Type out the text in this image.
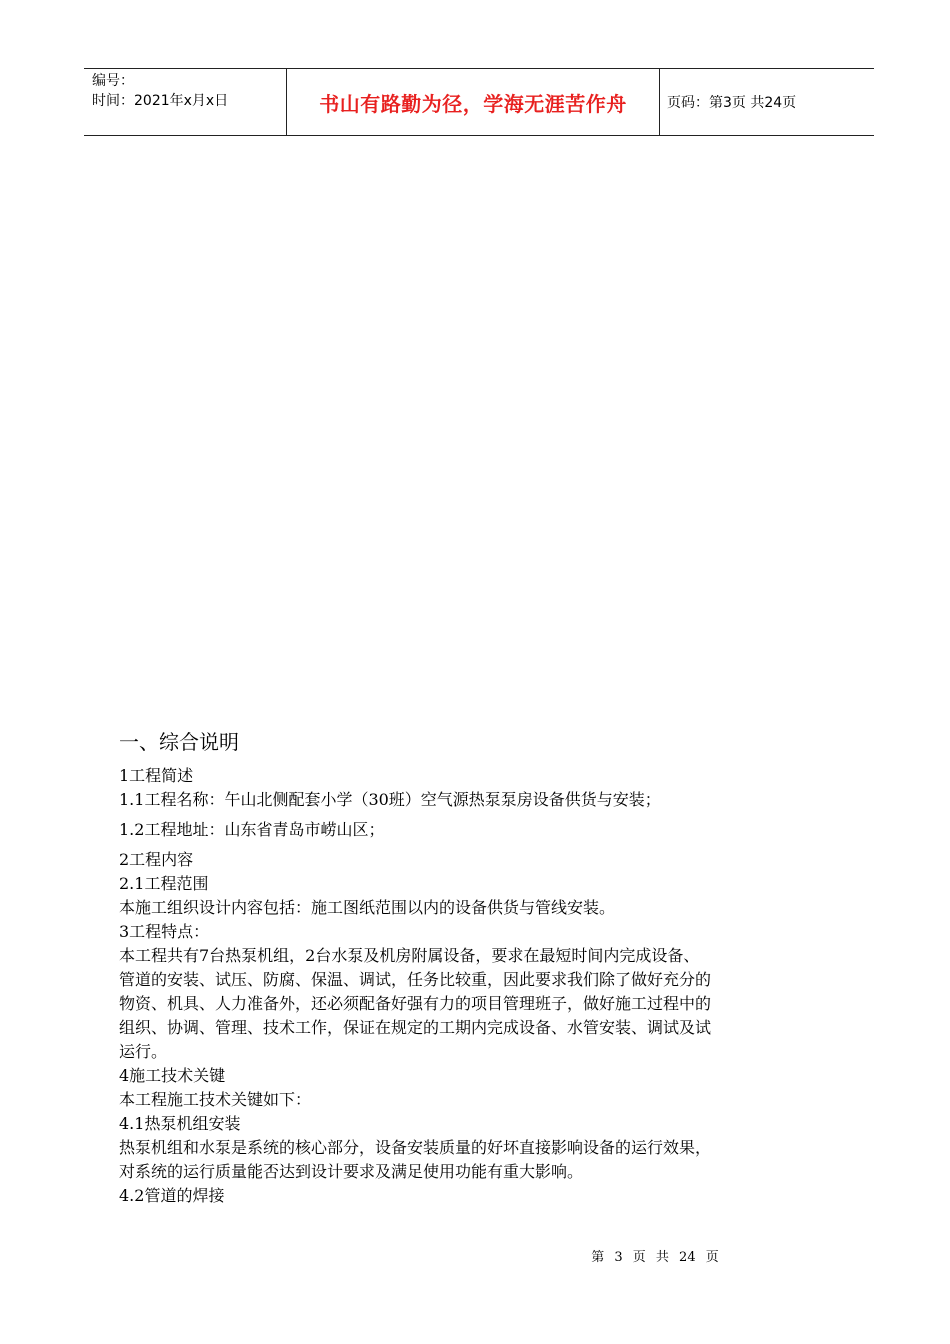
编号：
时间：2021年x月x日	书山有路勤为径，学海无涯苦作舟	页码：第3页 共24页
一、综合说明

1工程简述

1.1工程名称：午山北侧配套小学（30班）空气源热泵泵房设备供货与安装；

1.2工程地址：山东省青岛市崂山区；

2工程内容

2.1工程范围

本施工组织设计内容包括：施工图纸范围以内的设备供货与管线安装。

3工程特点：

本工程共有7台热泵机组，2台水泵及机房附属设备，要求在最短时间内完成设备、

管道的安装、试压、防腐、保温、调试，任务比较重，因此要求我们除了做好充分的

物资、机具、人力准备外，还必须配备好强有力的项目管理班子，做好施工过程中的

组织、协调、管理、技术工作，保证在规定的工期内完成设备、水管安装、调试及试

运行。

4施工技术关键

本工程施工技术关键如下：

4.1热泵机组安装

热泵机组和水泵是系统的核心部分，设备安装质量的好坏直接影响设备的运行效果，

对系统的运行质量能否达到设计要求及满足使用功能有重大影响。

4.2管道的焊接

第 3 页 共 24 页
